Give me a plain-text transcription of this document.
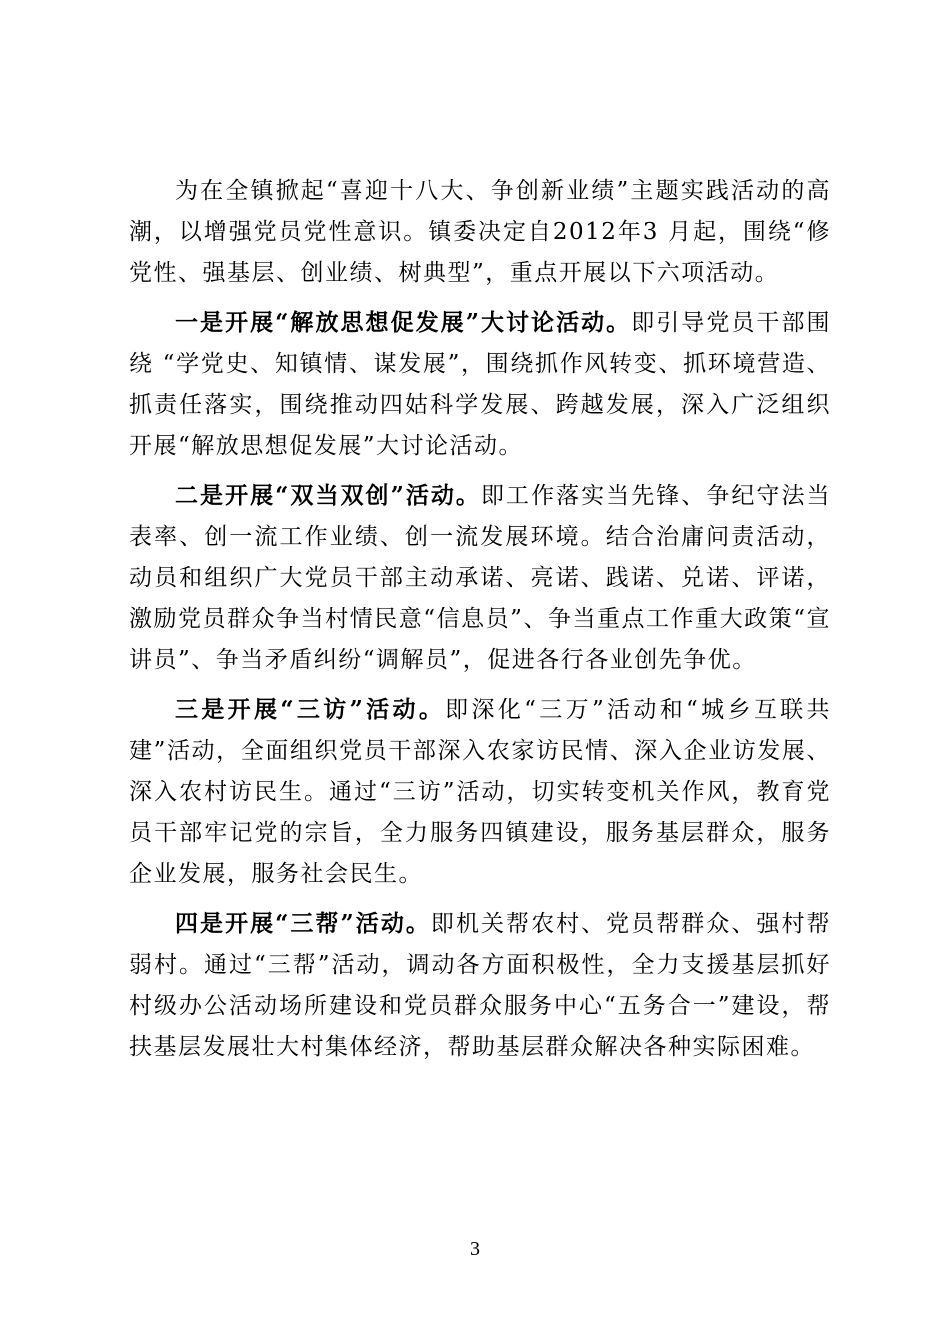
为在全镇掀起“喜迎十八大、争创新业绩”主题实践活动的高潮，以增强党员党性意识。镇委决定自2012年3 月起，围绕“修党性、强基层、创业绩、树典型”，重点开展以下六项活动。

一是开展“解放思想促发展”大讨论活动。即引导党员干部围绕 “学党史、知镇情、谋发展”，围绕抓作风转变、抓环境营造、抓责任落实，围绕推动四姑科学发展、跨越发展，深入广泛组织开展“解放思想促发展”大讨论活动。

二是开展“双当双创”活动。即工作落实当先锋、争纪守法当表率、创一流工作业绩、创一流发展环境。结合治庸问责活动，动员和组织广大党员干部主动承诺、亮诺、践诺、兑诺、评诺，激励党员群众争当村情民意“信息员”、争当重点工作重大政策“宣讲员”、争当矛盾纠纷“调解员”，促进各行各业创先争优。

三是开展“三访”活动。即深化“三万”活动和“城乡互联共建”活动，全面组织党员干部深入农家访民情、深入企业访发展、深入农村访民生。通过“三访”活动，切实转变机关作风，教育党员干部牢记党的宗旨，全力服务四镇建设，服务基层群众，服务企业发展，服务社会民生。

四是开展“三帮”活动。即机关帮农村、党员帮群众、强村帮弱村。通过“三帮”活动，调动各方面积极性，全力支援基层抓好村级办公活动场所建设和党员群众服务中心“五务合一”建设，帮扶基层发展壮大村集体经济，帮助基层群众解决各种实际困难。

3
